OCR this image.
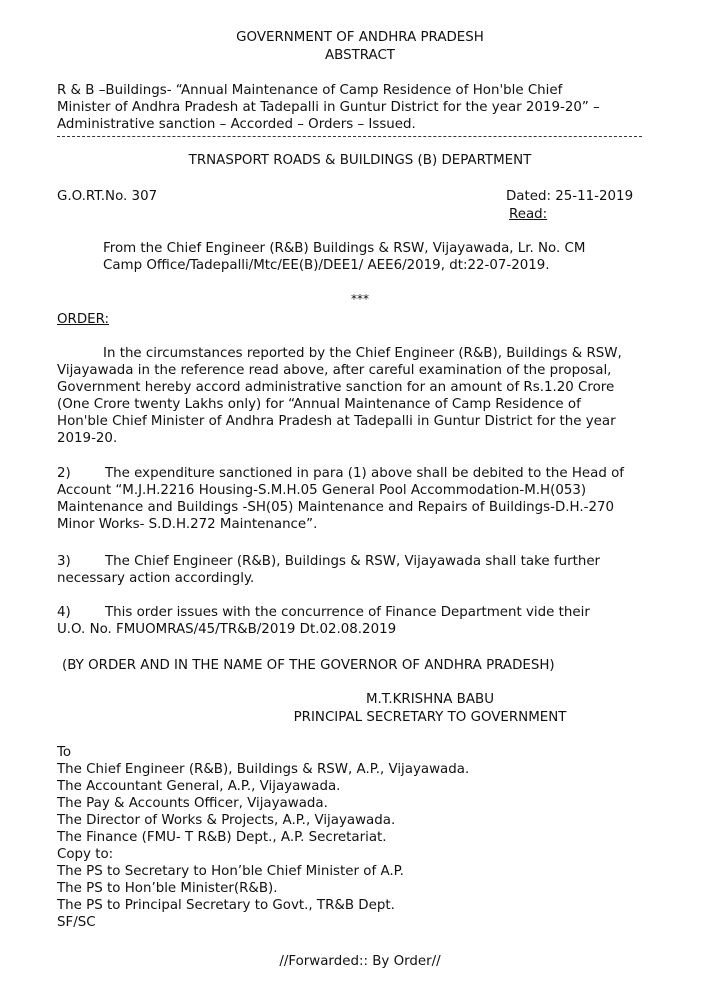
GOVERNMENT OF ANDHRA PRADESH
ABSTRACT
R & B –Buildings- “Annual Maintenance of Camp Residence of Hon'ble Chief
Minister of Andhra Pradesh at Tadepalli in Guntur District for the year 2019-20” –
Administrative sanction – Accorded – Orders – Issued.
TRNASPORT ROADS & BUILDINGS (B) DEPARTMENT
G.O.RT.No. 307	Dated: 25-11-2019
Read:
From the Chief Engineer (R&B) Buildings & RSW, Vijayawada, Lr. No. CM
Camp Office/Tadepalli/Mtc/EE(B)/DEE1/ AEE6/2019, dt:22-07-2019.
***
ORDER:
In the circumstances reported by the Chief Engineer (R&B), Buildings & RSW,
Vijayawada in the reference read above, after careful examination of the proposal,
Government hereby accord administrative sanction for an amount of Rs.1.20 Crore
(One Crore twenty Lakhs only) for “Annual Maintenance of Camp Residence of
Hon'ble Chief Minister of Andhra Pradesh at Tadepalli in Guntur District for the year
2019-20.
2)	The expenditure sanctioned in para (1) above shall be debited to the Head of
Account “M.J.H.2216 Housing-S.M.H.05 General Pool Accommodation-M.H(053)
Maintenance and Buildings -SH(05) Maintenance and Repairs of Buildings-D.H.-270
Minor Works- S.D.H.272 Maintenance”.
3)	The Chief Engineer (R&B), Buildings & RSW, Vijayawada shall take further
necessary action accordingly.
4)	This order issues with the concurrence of Finance Department vide their
U.O. No. FMUOMRAS/45/TR&B/2019 Dt.02.08.2019
(BY ORDER AND IN THE NAME OF THE GOVERNOR OF ANDHRA PRADESH)
M.T.KRISHNA BABU
PRINCIPAL SECRETARY TO GOVERNMENT
To
The Chief Engineer (R&B), Buildings & RSW, A.P., Vijayawada.
The Accountant General, A.P., Vijayawada.
The Pay & Accounts Officer, Vijayawada.
The Director of Works & Projects, A.P., Vijayawada.
The Finance (FMU- T R&B) Dept., A.P. Secretariat.
Copy to:
The PS to Secretary to Hon’ble Chief Minister of A.P.
The PS to Hon’ble Minister(R&B).
The PS to Principal Secretary to Govt., TR&B Dept.
SF/SC
//Forwarded:: By Order//
